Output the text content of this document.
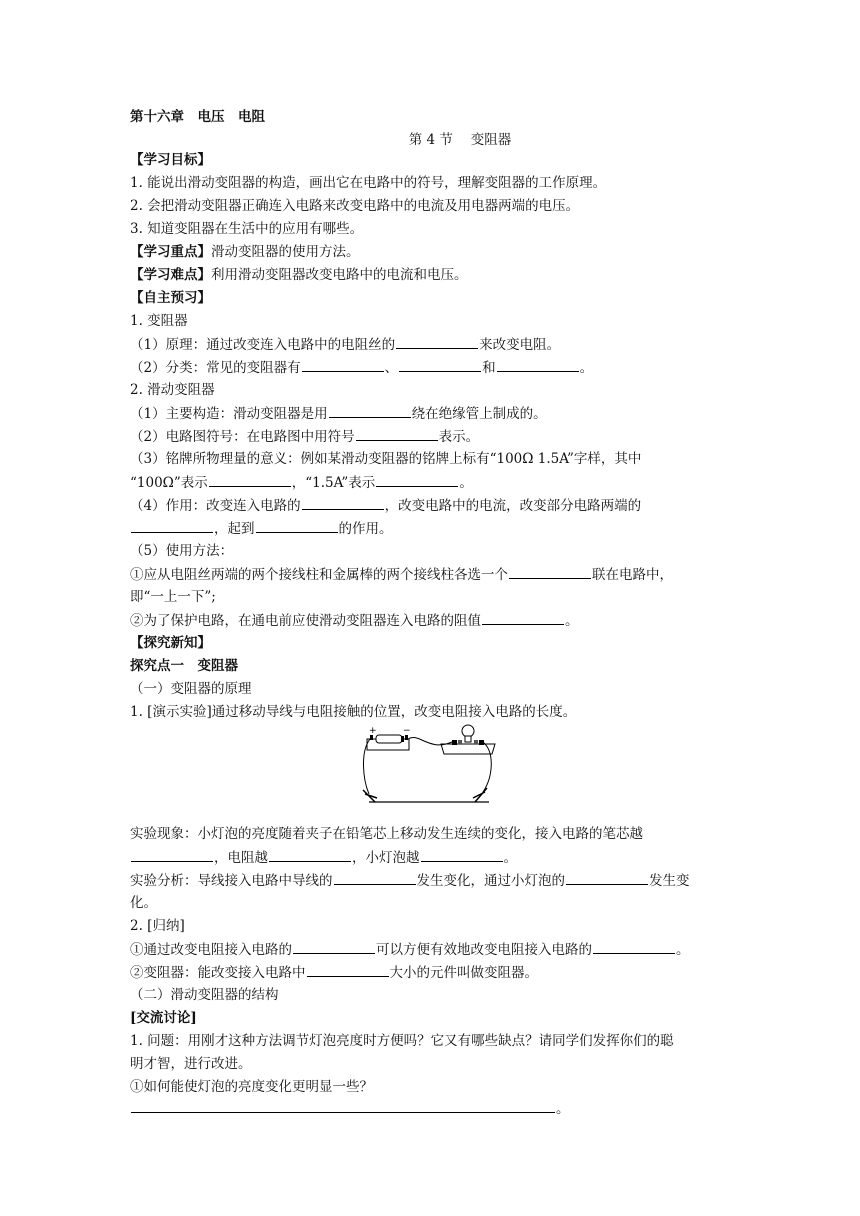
第十六章　电压　电阻
第 4 节　 变阻器
【学习目标】
1. 能说出滑动变阻器的构造，画出它在电路中的符号，理解变阻器的工作原理。
2. 会把滑动变阻器正确连入电路来改变电路中的电流及用电器两端的电压。
3. 知道变阻器在生活中的应用有哪些。
【学习重点】滑动变阻器的使用方法。
【学习难点】利用滑动变阻器改变电路中的电流和电压。
【自主预习】
1. 变阻器
（1）原理：通过改变连入电路中的电阻丝的	来改变电阻。
（2）分类：常见的变阻器有	、	和	。
2. 滑动变阻器
（1）主要构造：滑动变阻器是用	绕在绝缘管上制成的。
（2）电路图符号：在电路图中用符号	表示。
（3）铭牌所物理量的意义：例如某滑动变阻器的铭牌上标有“100Ω 1.5A”字样，其中
“100Ω”表示	，“1.5A”表示	。
（4）作用：改变连入电路的	，改变电路中的电流，改变部分电路两端的
，起到	的作用。
（5）使用方法：
①应从电阻丝两端的两个接线柱和金属棒的两个接线柱各选一个	联在电路中，
即“一上一下”;
②为了保护电路，在通电前应使滑动变阻器连入电路的阻值	。
【探究新知】
探究点一　变阻器
（一）变阻器的原理
1. [演示实验]通过移动导线与电阻接触的位置，改变电阻接入电路的长度。
+	−
实验现象：小灯泡的亮度随着夹子在铅笔芯上移动发生连续的变化，接入电路的笔芯越
，电阻越	，小灯泡越	。
实验分析：导线接入电路中导线的	发生变化，通过小灯泡的	发生变
化。
2. [归纳]
①通过改变电阻接入电路的	可以方便有效地改变电阻接入电路的	。
②变阻器：能改变接入电路中	大小的元件叫做变阻器。
（二）滑动变阻器的结构
[交流讨论]
1. 问题：用刚才这种方法调节灯泡亮度时方便吗？它又有哪些缺点？请同学们发挥你们的聪
明才智，进行改进。
①如何能使灯泡的亮度变化更明显一些？
。
